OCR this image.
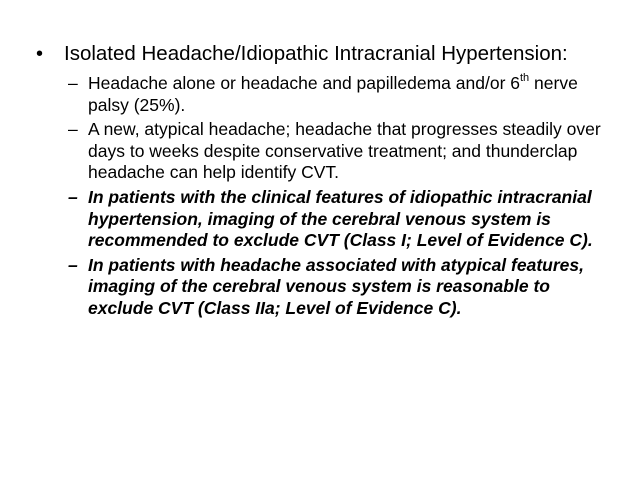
• Isolated Headache/Idiopathic Intracranial Hypertension:
– Headache alone or headache and papilledema and/or 6th nerve palsy (25%).
– A new, atypical headache; headache that progresses steadily over days to weeks despite conservative treatment; and thunderclap headache can help identify CVT.
– In patients with the clinical features of idiopathic intracranial hypertension, imaging of the cerebral venous system is recommended to exclude CVT (Class I; Level of Evidence C).
– In patients with headache associated with atypical features, imaging of the cerebral venous system is reasonable to exclude CVT (Class IIa; Level of Evidence C).
